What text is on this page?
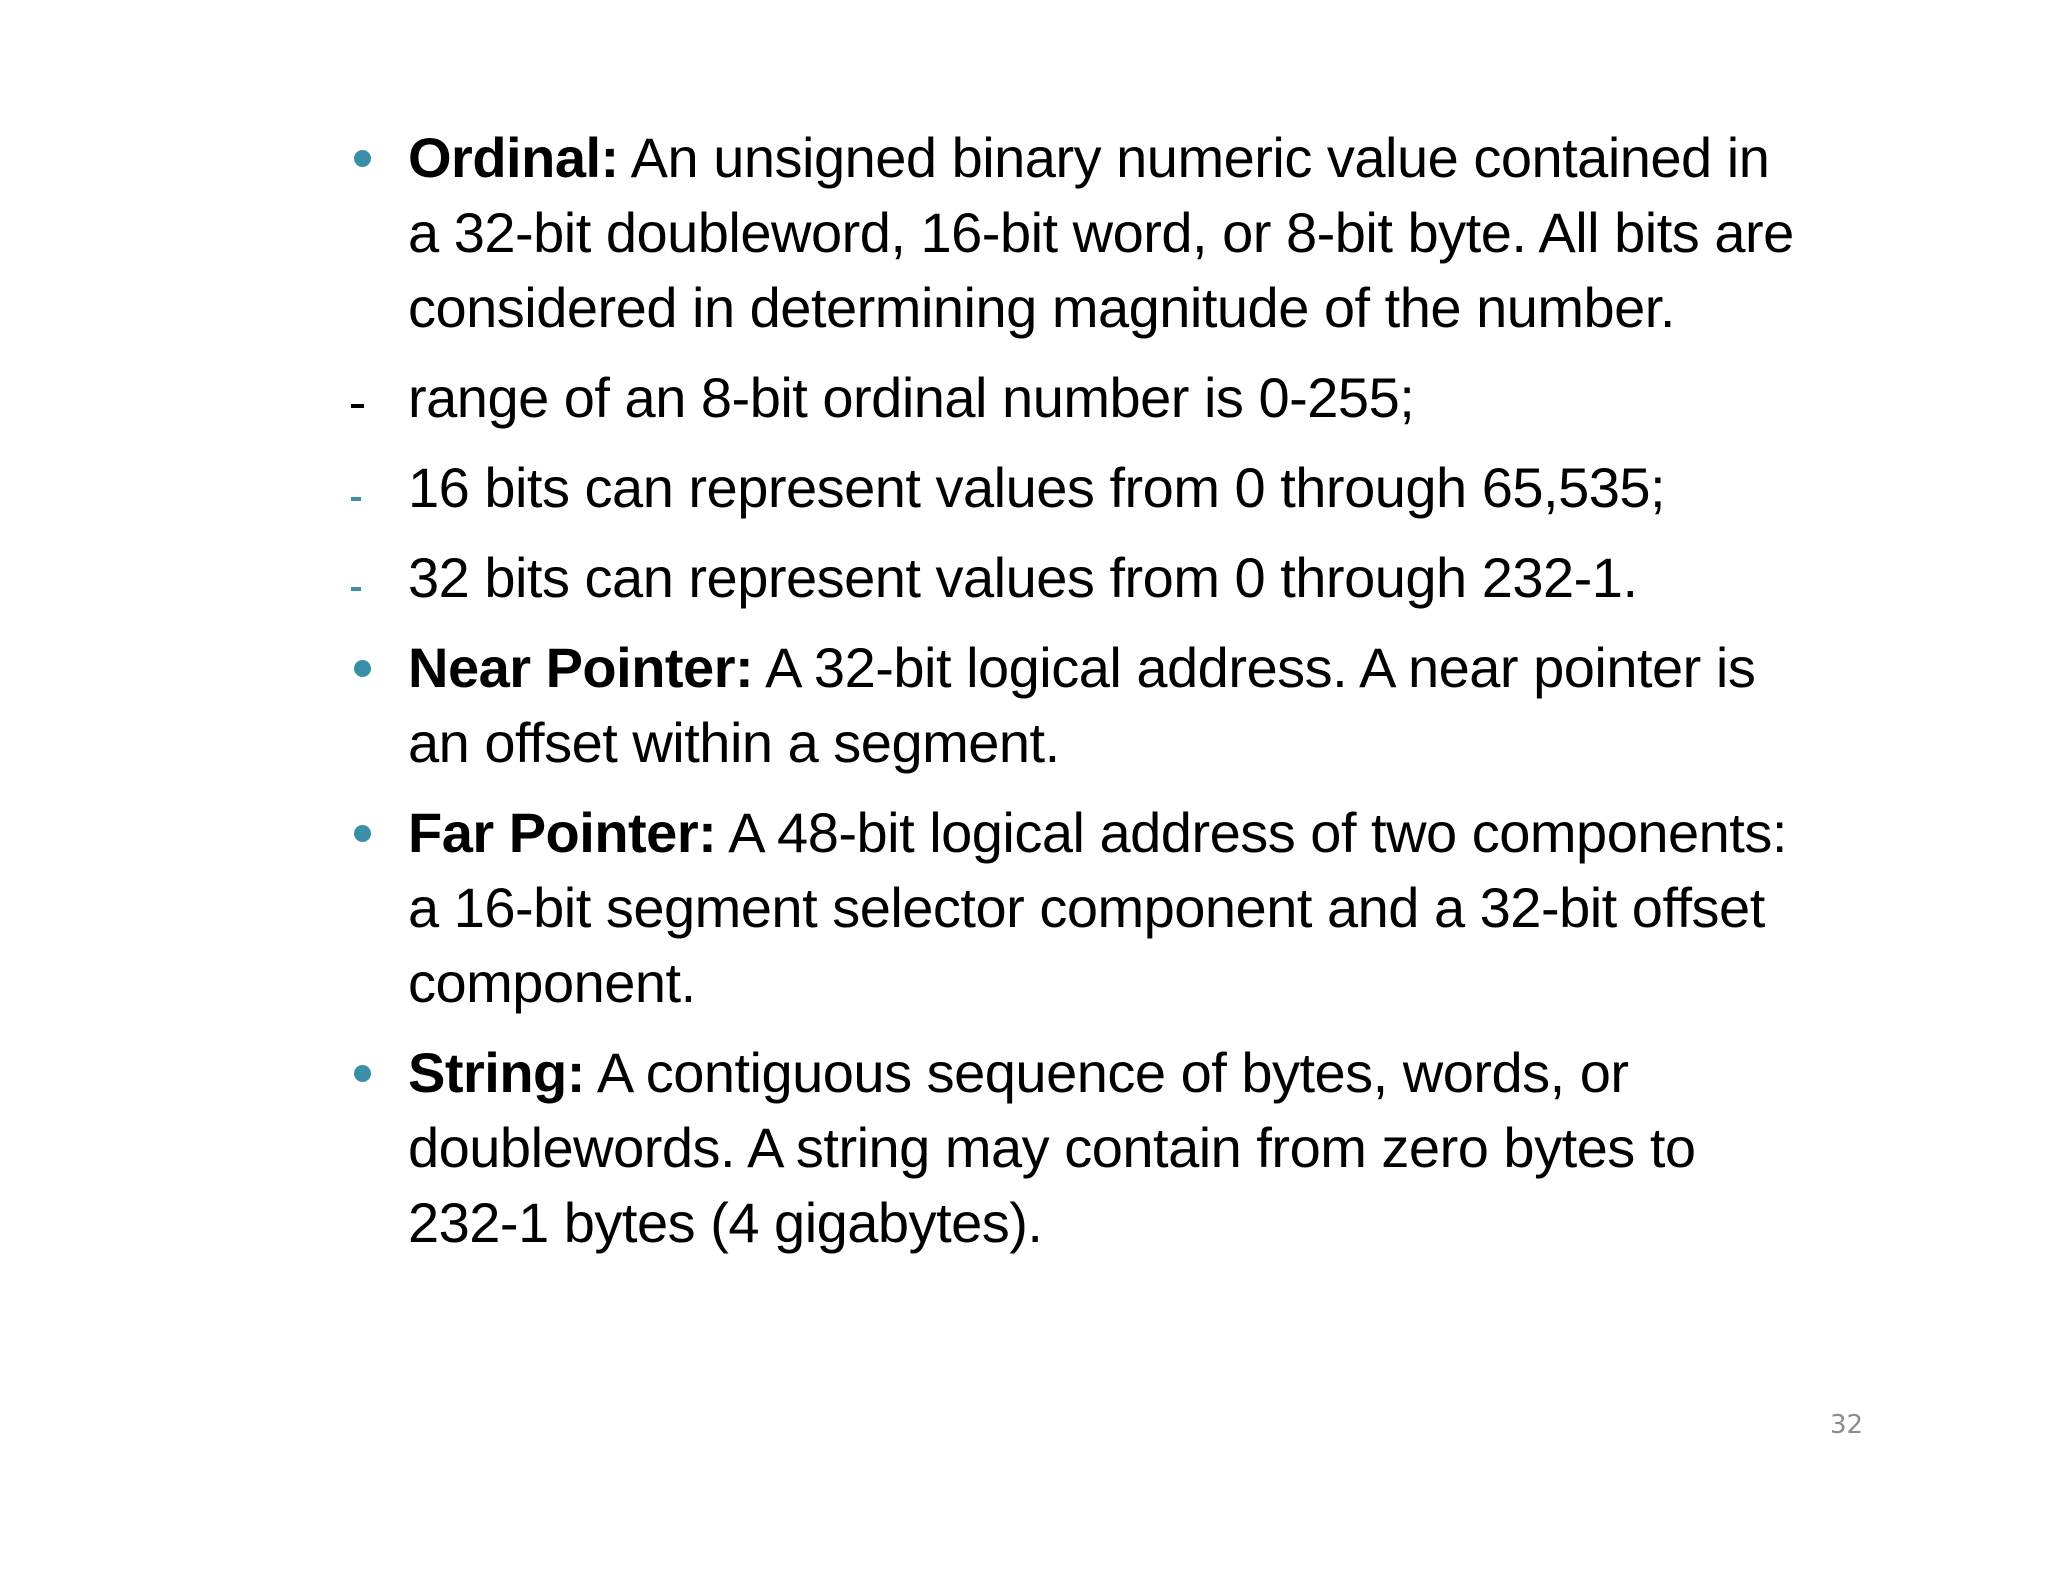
Ordinal: An unsigned binary numeric value contained in a 32-bit doubleword, 16-bit word, or 8-bit byte. All bits are considered in determining magnitude of the number.
range of an 8-bit ordinal number is 0-255;
16 bits can represent values from 0 through 65,535;
32 bits can represent values from 0 through 232-1.
Near Pointer: A 32-bit logical address. A near pointer is an offset within a segment.
Far Pointer: A 48-bit logical address of two components: a 16-bit segment selector component and a 32-bit offset component.
String: A contiguous sequence of bytes, words, or doublewords. A string may contain from zero bytes to 232-1 bytes (4 gigabytes).
32
